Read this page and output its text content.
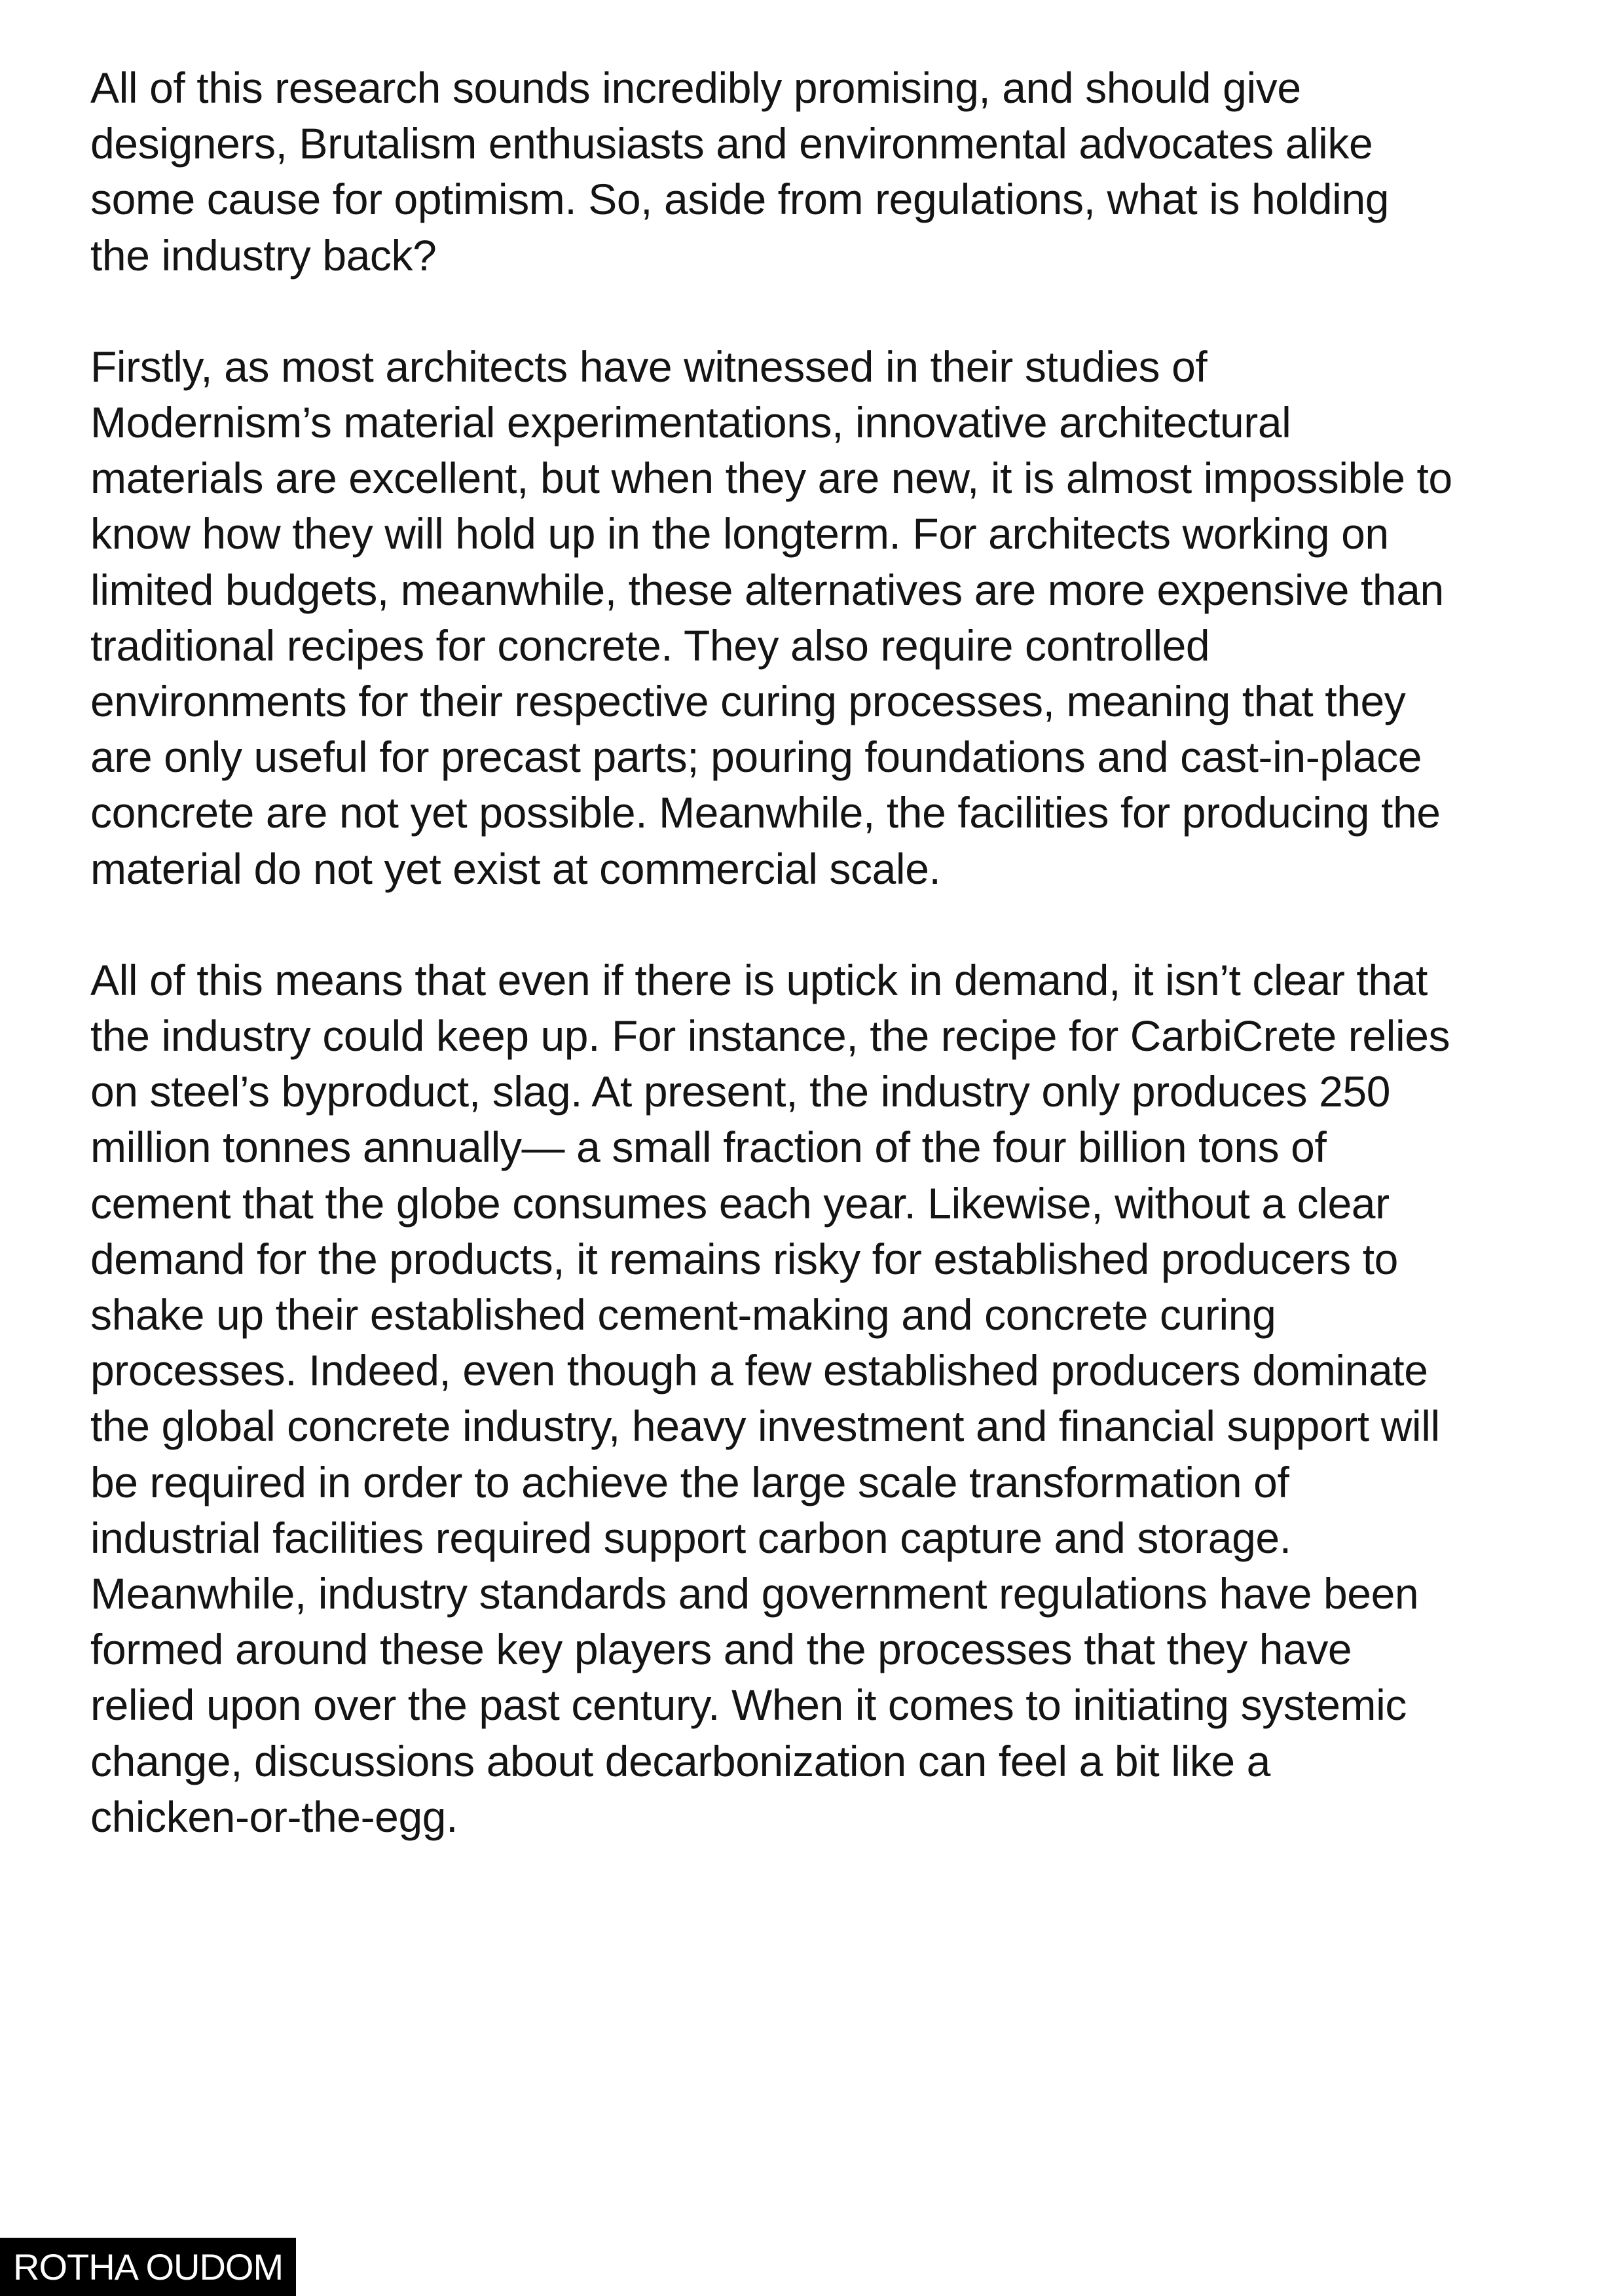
All of this research sounds incredibly promising, and should give
designers, Brutalism enthusiasts and environmental advocates alike
some cause for optimism. So, aside from regulations, what is holding
the industry back?

Firstly, as most architects have witnessed in their studies of
Modernism’s material experimentations, innovative architectural
materials are excellent, but when they are new, it is almost impossible to
know how they will hold up in the longterm. For architects working on
limited budgets, meanwhile, these alternatives are more expensive than
traditional recipes for concrete. They also require controlled
environments for their respective curing processes, meaning that they
are only useful for precast parts; pouring foundations and cast-in-place
concrete are not yet possible. Meanwhile, the facilities for producing the
material do not yet exist at commercial scale.

All of this means that even if there is uptick in demand, it isn’t clear that
the industry could keep up. For instance, the recipe for CarbiCrete relies
on steel’s byproduct, slag. At present, the industry only produces 250
million tonnes annually— a small fraction of the four billion tons of
cement that the globe consumes each year. Likewise, without a clear
demand for the products, it remains risky for established producers to
shake up their established cement-making and concrete curing
processes. Indeed, even though a few established producers dominate
the global concrete industry, heavy investment and financial support will
be required in order to achieve the large scale transformation of
industrial facilities required support carbon capture and storage.
Meanwhile, industry standards and government regulations have been
formed around these key players and the processes that they have
relied upon over the past century. When it comes to initiating systemic
change, discussions about decarbonization can feel a bit like a
chicken-or-the-egg.

ROTHA OUDOM
